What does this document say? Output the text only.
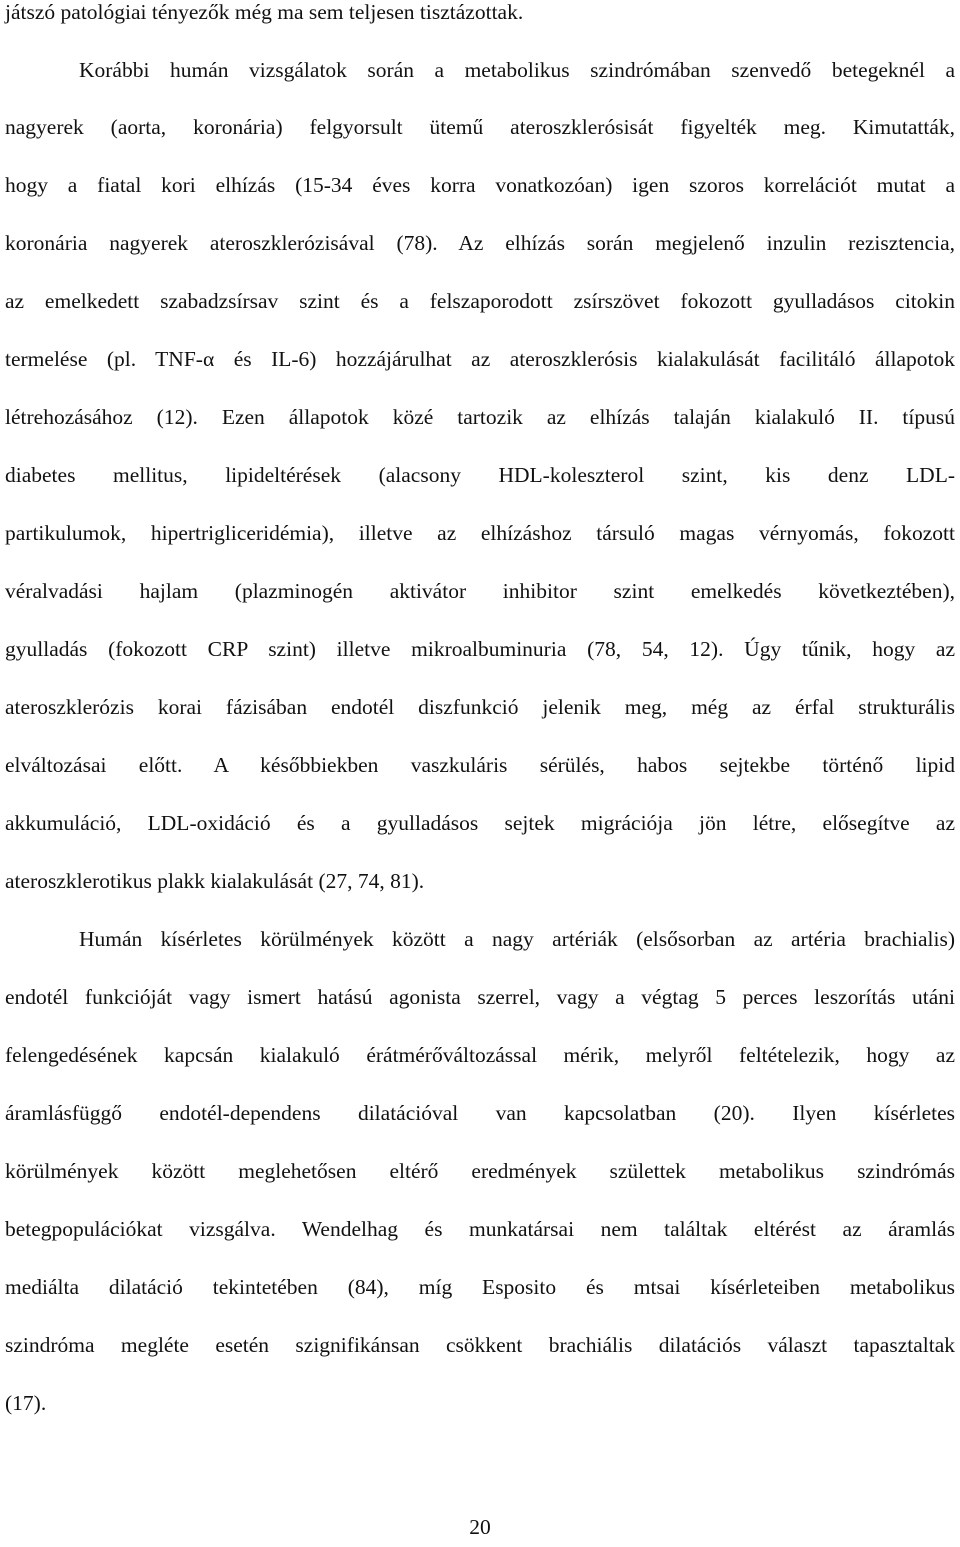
játszó patológiai tényezők még ma sem teljesen tisztázottak.
Korábbi humán vizsgálatok során a metabolikus szindrómában szenvedő betegeknél a
nagyerek (aorta, koronária) felgyorsult ütemű ateroszklerósisát figyelték meg. Kimutatták,
hogy a fiatal kori elhízás (15-34 éves korra vonatkozóan) igen szoros korrelációt mutat a
koronária nagyerek ateroszklerózisával (78). Az elhízás során megjelenő inzulin rezisztencia,
az emelkedett szabadzsírsav szint és a felszaporodott zsírszövet fokozott gyulladásos citokin
termelése (pl. TNF-α és IL-6) hozzájárulhat az ateroszklerósis kialakulását facilitáló állapotok
létrehozásához (12). Ezen állapotok közé tartozik az elhízás talaján kialakuló II. típusú
diabetes mellitus, lipideltérések (alacsony HDL-koleszterol szint, kis denz LDL-
partikulumok, hipertrigliceridémia), illetve az elhízáshoz társuló magas vérnyomás, fokozott
véralvadási hajlam (plazminogén aktivátor inhibitor szint emelkedés következtében),
gyulladás (fokozott CRP szint) illetve mikroalbuminuria (78, 54, 12). Úgy tűnik, hogy az
ateroszklerózis korai fázisában endotél diszfunkció jelenik meg, még az érfal strukturális
elváltozásai előtt. A későbbiekben vaszkuláris sérülés, habos sejtekbe történő lipid
akkumuláció, LDL-oxidáció és a gyulladásos sejtek migrációja jön létre, elősegítve az
ateroszklerotikus plakk kialakulását (27, 74, 81).
Humán kísérletes körülmények között a nagy artériák (elsősorban az artéria brachialis)
endotél funkcióját vagy ismert hatású agonista szerrel, vagy a végtag 5 perces leszorítás utáni
felengedésének kapcsán kialakuló érátmérőváltozással mérik, melyről feltételezik, hogy az
áramlásfüggő endotél-dependens dilatációval van kapcsolatban (20). Ilyen kísérletes
körülmények között meglehetősen eltérő eredmények születtek metabolikus szindrómás
betegpopulációkat vizsgálva. Wendelhag és munkatársai nem találtak eltérést az áramlás
mediálta dilatáció tekintetében (84), míg Esposito és mtsai kísérleteiben metabolikus
szindróma megléte esetén szignifikánsan csökkent brachiális dilatációs választ tapasztaltak
(17).
20
